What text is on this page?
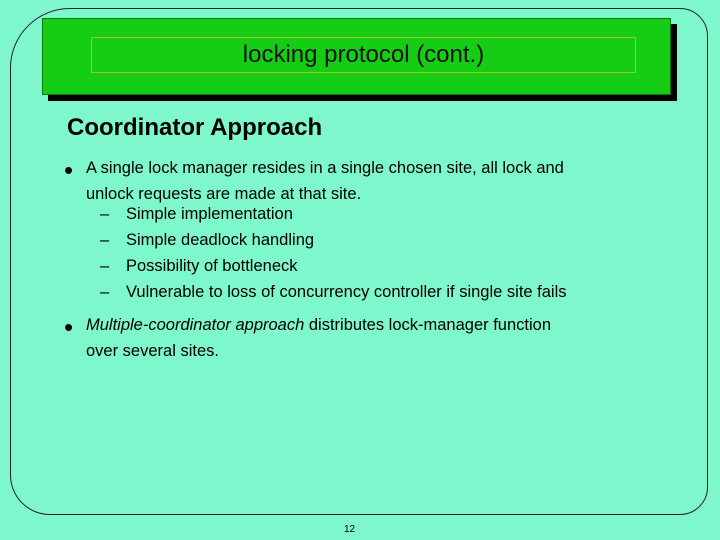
locking protocol (cont.)
Coordinator Approach
• A single lock manager resides in a single chosen site, all lock and
unlock requests are made at that site.
– Simple implementation
– Simple deadlock handling
– Possibility of bottleneck
– Vulnerable to loss of concurrency controller if single site fails
• Multiple-coordinator approach distributes lock-manager function
over several sites.
12
